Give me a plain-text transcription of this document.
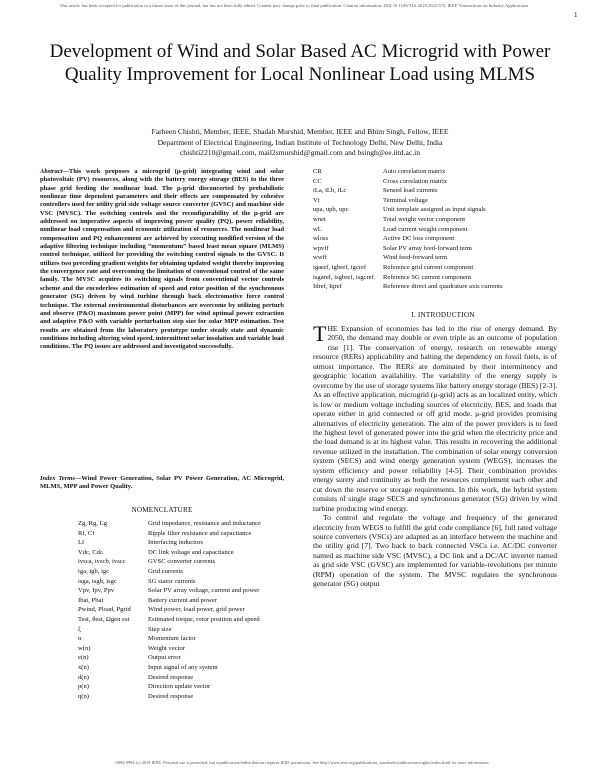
This article has been accepted for publication in a future issue of this journal, but has not been fully edited. Content may change prior to final publication. Citation information: DOI 10.1109/TIA.2019.2923.575, IEEE Transactions on Industry Applications
1
Development of Wind and Solar Based AC Microgrid with Power Quality Improvement for Local Nonlinear Load using MLMS
Farheen Chishti, Member, IEEE, Shadab Murshid, Member, IEEE and Bhim Singh, Fellow, IEEE
Department of Electrical Engineering, Indian Institute of Technology Delhi, New Delhi, India
chishti2210@gmail.com, mail2smurshid@gmail.com and bsingh@ee.iitd.ac.in
Abstract—This work proposes a microgrid (μ-grid) integrating wind and solar photovoltaic (PV) resources, along with the battery energy storage (BES) to the three phase grid feeding the nonlinear load. The μ-grid disconcerted by probabilistic nonlinear time dependent parameters and their effects are compensated by cohesive controllers used for utility grid side voltage source converter (GVSC) and machine side VSC (MVSC). The switching controls and the reconfigurability of the μ-grid are addressed on imperative aspects of improving power quality (PQ), power reliability, nonlinear load compensation and economic utilization of resources. The nonlinear load compensation and PQ enhancement are achieved by executing modified version of the adaptive filtering technique including “momentum” based least mean square (MLMS) control technique, utilized for providing the switching control signals to the GVSC. It utilizes two preceding gradient weights for obtaining updated weight thereby improving the convergence rate and overcoming the limitation of conventional control of the same family. The MVSC acquires its switching signals from conventional vector controls scheme and the encoderless estimation of speed and rotor position of the synchronous generator (SG) driven by wind turbine through back electromotive force control technique. The external environmental disturbances are overcome by utilizing perturb and observe (P&O) maximum power point (MPP) for wind optimal power extraction and adaptive P&O with variable perturbation step size for solar MPP estimation. Test results are obtained from the laboratory prototype under steady state and dynamic conditions including altering wind speed, intermittent solar insolation and variable load conditions. The PQ issues are addressed and investigated successfully.
Index Terms—Wind Power Generation, Solar PV Power Generation, AC Microgrid, MLMS, MPP and Power Quality.
NOMENCLATURE
Zg, Rg, Lg	Grid impedance, resistance and inductance
Rf, Cf	Ripple filter resistance and capacitance
Lf	Interfacing inductors
Vdc, Cdc	DC link voltage and capacitance
ivsca, ivscb, ivscc	GVSC converter currents
iga, igb, igc	Grid currents
isga, isgb, isgc	SG stator currents
Vpv, Ipv, Ppv	Solar PV array voltage, current and power
Ibat, Pbat	Battery current and power
Pwind, Pload, Pgrid	Wind power, load power, grid power
Test, θest, Ωgen est	Estimated torque, rotor position and speed
ξ	Step size
α	Momentum factor
w(n)	Weight vector
e(n)	Output error
x(n)	Input signal of any system
d(n)	Desired response
p(n)	Direction update vector
q(n)	Desired response
CR	Auto correlation matrix
CC	Cross correlation matrix
iLa, iLb, iLc	Sensed load currents
Vt	Terminal voltage
upa, upb, upc	Unit template assigned as input signals
wnet	Total weight vector component
wL	Load current weight component
wloss	Active DC loss component
wpvff	Solar PV array feed-forward term
wwff	Wind feed-forward term
igaref, igbref, igcref	Reference grid current component
isgaref, isgbref, isgcref	Reference SG current component
Idref, Iqref	Reference direct and quadrature axis currents
I. INTRODUCTION

THE Expansion of economies has led to the rise of energy demand. By 2050, the demand may double or even triple as an outcome of population rise [1]. The conservation of energy, research on renewable energy resource (RERs) applicability and halting the dependency on fossil fuels, is of utmost importance. The RERs are dominated by their intermittency and geographic location availability. The variability of the energy supply is overcome by the use of storage systems like battery energy storage (BES) [2-3]. As an effective application, microgrid (μ-grid) acts as an localized entity, which is low or medium voltage including sources of electricity, BES, and loads that operate either in grid connected or off grid mode. μ-grid provides promising alternatives of electricity generation. The aim of the power providers is to feed the highest level of generated power into the grid when the electricity price and the load demand is at its highest value. This results in recovering the additional revenue utilized in the installation. The combination of solar energy conversion system (SECS) and wind energy generation system (WEGS), increases the system efficiency and power reliability [4-5]. Their combination provides energy surety and continuity as both the resources complement each other and cut down the reserve or storage requirements. In this work, the hybrid system consists of single stage SECS and synchronous generator (SG) driven by wind turbine producing wind energy.

To control and regulate the voltage and frequency of the generated electricity from WEGS to fulfill the grid code compliance [6], full rated voltage source converters (VSCs) are adapted as an interface between the machine and the utility grid [7]. Two back to back connected VSCs i.e. AC/DC converter named as machine side VSC (MVSC), a DC link and a DC/AC inverter named as grid side VSC (GVSC) are implemented for variable-revolutions per minute (RPM) operation of the system. The MVSC regulates the synchronous generator (SG) output

0093-9994 (c) 2019 IEEE. Personal use is permitted, but republication/redistribution requires IEEE permission. See http://www.ieee.org/publications_standards/publications/rights/index.html for more information.
